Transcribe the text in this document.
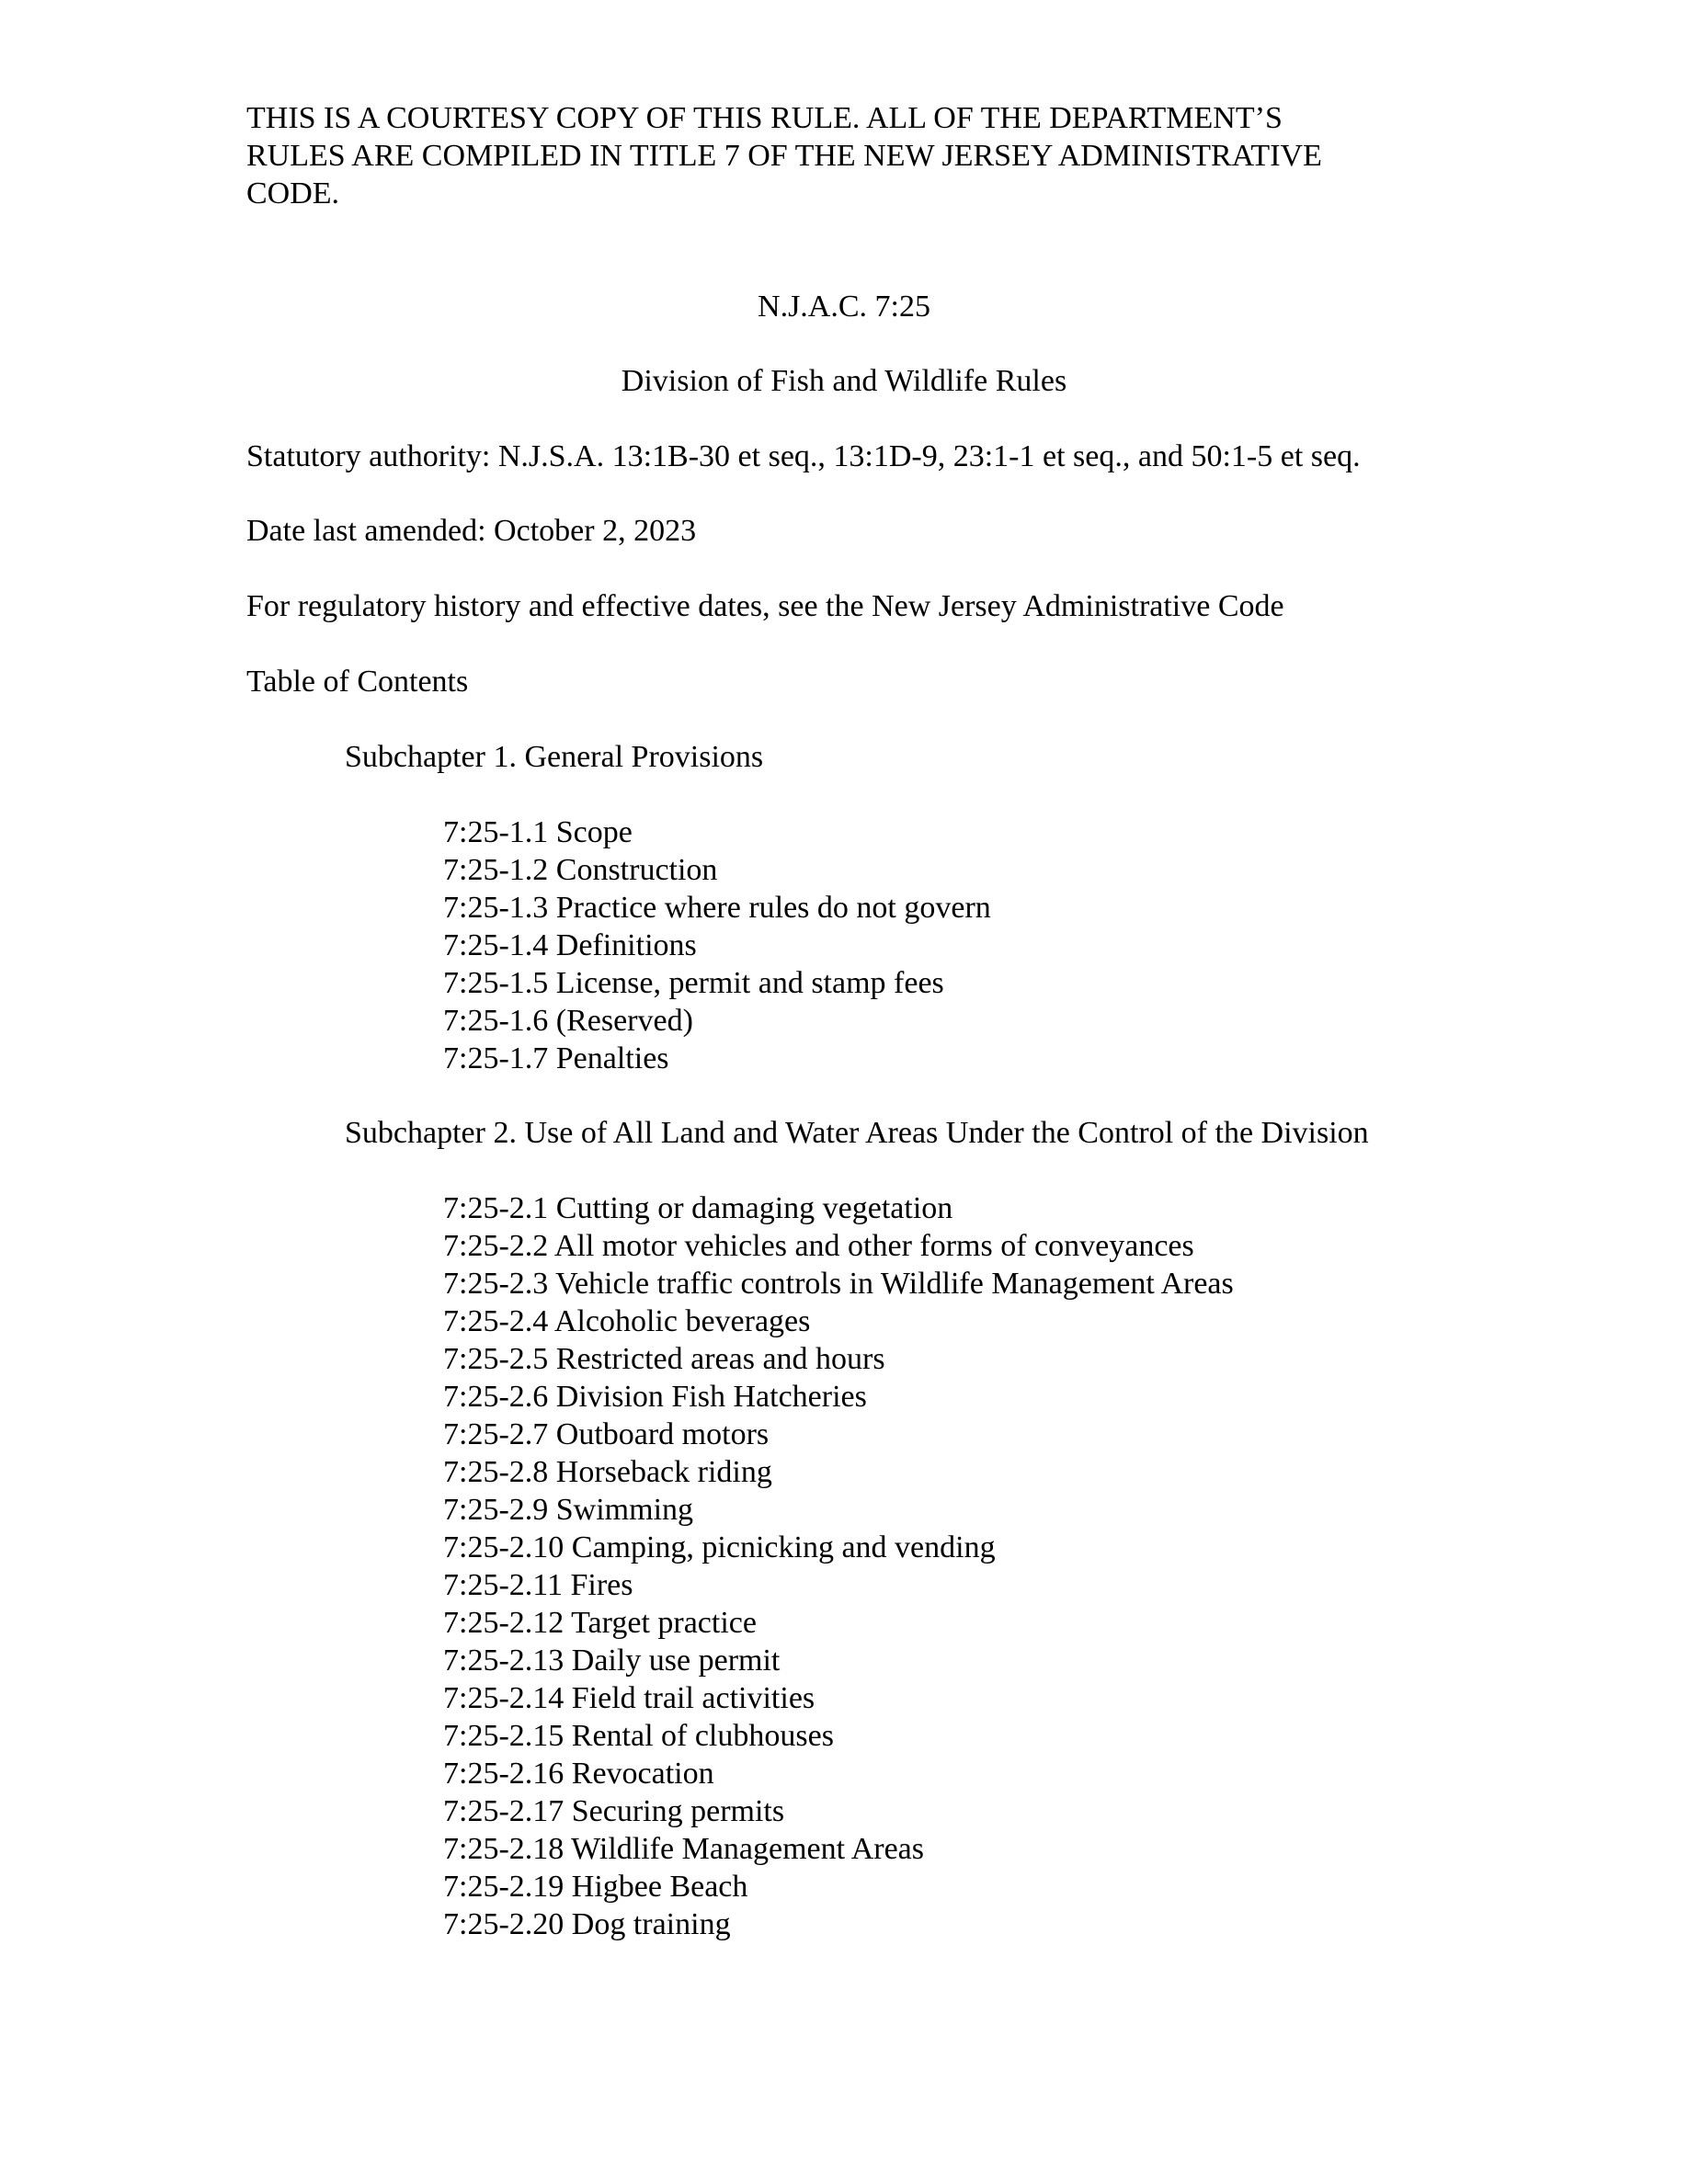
THIS IS A COURTESY COPY OF THIS RULE. ALL OF THE DEPARTMENT’S
RULES ARE COMPILED IN TITLE 7 OF THE NEW JERSEY ADMINISTRATIVE
CODE.
N.J.A.C. 7:25
Division of Fish and Wildlife Rules
Statutory authority: N.J.S.A. 13:1B-30 et seq., 13:1D-9, 23:1-1 et seq., and 50:1-5 et seq.
Date last amended: October 2, 2023
For regulatory history and effective dates, see the New Jersey Administrative Code
Table of Contents
Subchapter 1. General Provisions
7:25-1.1 Scope
7:25-1.2 Construction
7:25-1.3 Practice where rules do not govern
7:25-1.4 Definitions
7:25-1.5 License, permit and stamp fees
7:25-1.6 (Reserved)
7:25-1.7 Penalties
Subchapter 2. Use of All Land and Water Areas Under the Control of the Division
7:25-2.1 Cutting or damaging vegetation
7:25-2.2 All motor vehicles and other forms of conveyances
7:25-2.3 Vehicle traffic controls in Wildlife Management Areas
7:25-2.4 Alcoholic beverages
7:25-2.5 Restricted areas and hours
7:25-2.6 Division Fish Hatcheries
7:25-2.7 Outboard motors
7:25-2.8 Horseback riding
7:25-2.9 Swimming
7:25-2.10 Camping, picnicking and vending
7:25-2.11 Fires
7:25-2.12 Target practice
7:25-2.13 Daily use permit
7:25-2.14 Field trail activities
7:25-2.15 Rental of clubhouses
7:25-2.16 Revocation
7:25-2.17 Securing permits
7:25-2.18 Wildlife Management Areas
7:25-2.19 Higbee Beach
7:25-2.20 Dog training
